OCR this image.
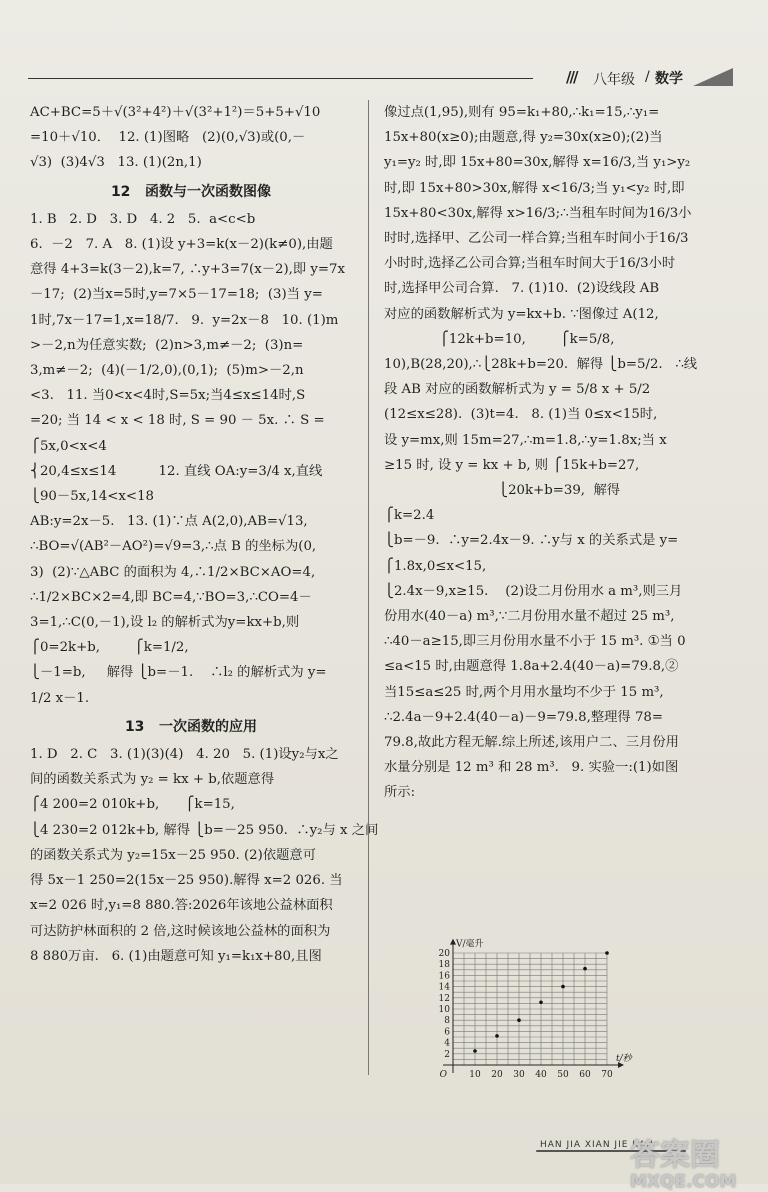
/// 八年级 / 数学

AC+BC=5＋√(3²+4²)＋√(3²+1²)＝5+5+√10

=10＋√10．  12. (1)图略   (2)(0,√3)或(0,－

√3)  (3)4√3   13. (1)(2n,1)

12   函数与一次函数图像

1. B   2. D   3. D   4. 2   5.  a<c<b

6.  －2   7. A   8. (1)设 y+3=k(x－2)(k≠0),由题

意得 4+3=k(3－2),k=7, ∴y+3=7(x－2),即 y=7x

－17;  (2)当x=5时,y=7×5－17=18;  (3)当 y=

1时,7x－17=1,x=18/7.   9.  y=2x－8   10. (1)m

>－2,n为任意实数;  (2)n>3,m≠－2;  (3)n=

3,m≠－2;  (4)(－1/2,0),(0,1);  (5)m>－2,n

<3.   11. 当0<x<4时,S=5x;当4≤x≤14时,S

=20; 当 14 < x < 18 时, S = 90 － 5x. ∴ S =

⎧5x,0<x<4

⎨20,4≤x≤14          12. 直线 OA:y=3/4 x,直线

⎩90－5x,14<x<18

AB:y=2x－5.   13. (1)∵点 A(2,0),AB=√13,

∴BO=√(AB²－AO²)=√9=3,∴点 B 的坐标为(0,

3)  (2)∵△ABC 的面积为 4,∴1/2×BC×AO=4,

∴1/2×BC×2=4,即 BC=4,∵BO=3,∴CO=4－

3=1,∴C(0,－1),设 l₂ 的解析式为y=kx+b,则

⎧0=2k+b,        ⎧k=1/2,

⎩－1=b,     解得 ⎩b=－1.    ∴l₂ 的解析式为 y=

1/2 x－1.

13   一次函数的应用

1. D   2. C   3. (1)(3)(4)   4. 20   5. (1)设y₂与x之

间的函数关系式为 y₂ = kx + b,依题意得

⎧4 200=2 010k+b,      ⎧k=15,

⎩4 230=2 012k+b, 解得 ⎩b=－25 950.  ∴y₂与 x 之间

的函数关系式为 y₂=15x－25 950. (2)依题意可

得 5x－1 250=2(15x－25 950).解得 x=2 026. 当

x=2 026 时,y₁=8 880.答:2026年该地公益林面积

可达防护林面积的 2 倍,这时候该地公益林的面积为

8 880万亩.   6. (1)由题意可知 y₁=k₁x+80,且图

像过点(1,95),则有 95=k₁+80,∴k₁=15,∴y₁=

15x+80(x≥0);由题意,得 y₂=30x(x≥0);(2)当

y₁=y₂ 时,即 15x+80=30x,解得 x=16/3,当 y₁>y₂

时,即 15x+80>30x,解得 x<16/3;当 y₁<y₂ 时,即

15x+80<30x,解得 x>16/3;∴当租车时间为16/3小

时时,选择甲、乙公司一样合算;当租车时间小于16/3

小时时,选择乙公司合算;当租车时间大于16/3小时

时,选择甲公司合算.   7. (1)10.  (2)设线段 AB

对应的函数解析式为 y=kx+b. ∵图像过 A(12,

⎧12k+b=10,        ⎧k=5/8,

10),B(28,20),∴⎩28k+b=20.  解得 ⎩b=5/2.   ∴线

段 AB 对应的函数解析式为 y = 5/8 x + 5/2

(12≤x≤28).  (3)t=4.   8. (1)当 0≤x<15时,

设 y=mx,则 15m=27,∴m=1.8,∴y=1.8x;当 x

≥15 时, 设 y = kx + b, 则 ⎧15k+b=27,

⎩20k+b=39,  解得

⎧k=2.4

⎩b=－9.  ∴y=2.4x－9. ∴y与 x 的关系式是 y=

⎧1.8x,0≤x<15,

⎩2.4x－9,x≥15.    (2)设二月份用水 a m³,则三月

份用水(40－a) m³,∵二月份用水量不超过 25 m³,

∴40－a≥15,即三月份用水量不小于 15 m³. ①当 0

≤a<15 时,由题意得 1.8a+2.4(40－a)=79.8,②

当15≤a≤25 时,两个月用水量均不少于 15 m³,

∴2.4a－9+2.4(40－a)－9=79.8,整理得 78=

79.8,故此方程无解.综上所述,该用户二、三月份用

水量分别是 12 m³ 和 28 m³.   9. 实验一:(1)如图

所示:

10 20 30 40 50 60 70
2
4
6
8
10
12
14
16
18
20
O
V/毫升
t/秒
HAN JIA XIAN JIE KAN
答案圈
MXQE.COM
